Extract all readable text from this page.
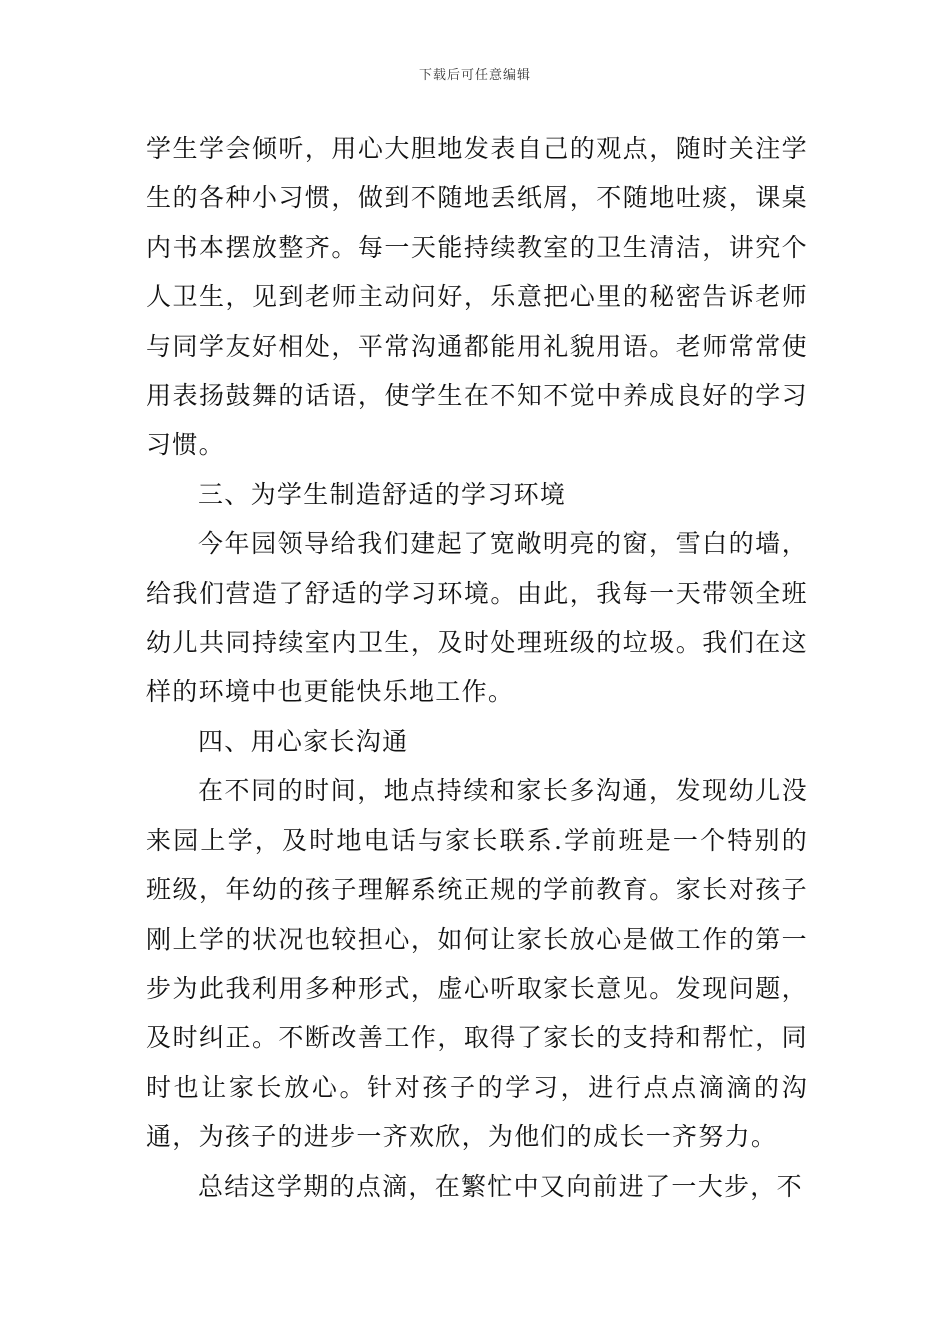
下载后可任意编辑

学生学会倾听，用心大胆地发表自己的观点，随时关注学生的各种小习惯，做到不随地丢纸屑，不随地吐痰，课桌内书本摆放整齐。每一天能持续教室的卫生清洁，讲究个人卫生，见到老师主动问好，乐意把心里的秘密告诉老师与同学友好相处，平常沟通都能用礼貌用语。老师常常使用表扬鼓舞的话语，使学生在不知不觉中养成良好的学习习惯。

三、为学生制造舒适的学习环境

今年园领导给我们建起了宽敞明亮的窗，雪白的墙，给我们营造了舒适的学习环境。由此，我每一天带领全班幼儿共同持续室内卫生，及时处理班级的垃圾。我们在这样的环境中也更能快乐地工作。

四、用心家长沟通

在不同的时间，地点持续和家长多沟通，发现幼儿没来园上学，及时地电话与家长联系.学前班是一个特别的班级，年幼的孩子理解系统正规的学前教育。家长对孩子刚上学的状况也较担心，如何让家长放心是做工作的第一步为此我利用多种形式，虚心听取家长意见。发现问题，及时纠正。不断改善工作，取得了家长的支持和帮忙，同时也让家长放心。针对孩子的学习，进行点点滴滴的沟通，为孩子的进步一齐欢欣，为他们的成长一齐努力。

总结这学期的点滴，在繁忙中又向前进了一大步，不
